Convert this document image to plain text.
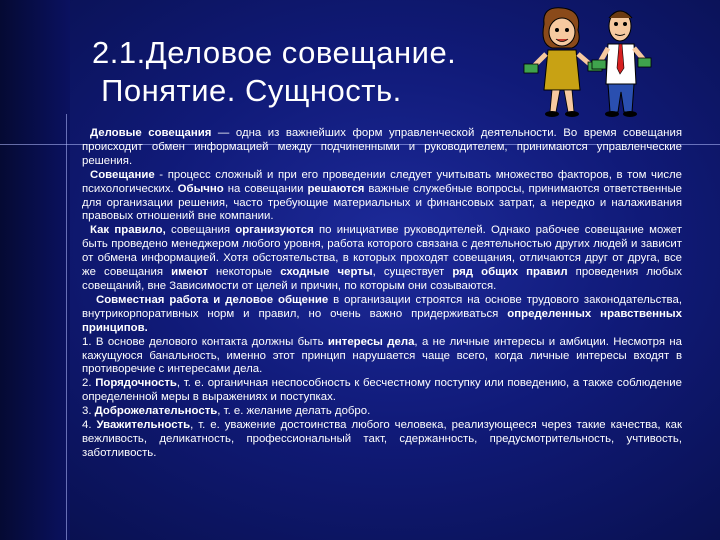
2.1.Деловое совещание.
Понятие. Сущность.

Деловые совещания — одна из важнейших форм управленческой деятельности. Во время совещания происходит обмен информацией между подчиненными и руководителем, принимаются управленческие решения.

Совещание - процесс сложный и при его проведении следует учитывать множество факторов, в том числе психологических. Обычно на совещании решаются важные служебные вопросы, принимаются ответственные для организации решения, часто требующие материальных и финансовых затрат, а нередко и налаживания правовых отношений вне компании.

Как правило, совещания организуются по инициативе руководителей. Однако рабочее совещание может быть проведено менеджером любого уровня, работа которого связана с деятельностью других людей и зависит от обмена информацией. Хотя обстоятельства, в которых проходят совещания, отличаются друг от друга, все же совещания имеют некоторые сходные черты, существует ряд общих правил проведения любых совещаний, вне Зависимости от целей и причин, по которым они созываются.

Совместная работа и деловое общение в организации строятся на основе трудового законодательства, внутрикорпоративных норм и правил, но очень важно придерживаться определенных нравственных принципов.

1. В основе делового контакта должны быть интересы дела, а не личные интересы и амбиции. Несмотря на кажущуюся банальность, именно этот принцип нарушается чаще всего, когда личные интересы входят в противоречие с интересами дела.

2. Порядочность, т. е. органичная неспособность к бесчестному поступку или поведению, а также соблюдение определенной меры в выражениях и поступках.

3. Доброжелательность, т. е. желание делать добро.

4. Уважительность, т. е. уважение достоинства любого человека, реализующееся через такие качества, как вежливость, деликатность, профессиональный такт, сдержанность, предусмотрительность, учтивость, заботливость.
